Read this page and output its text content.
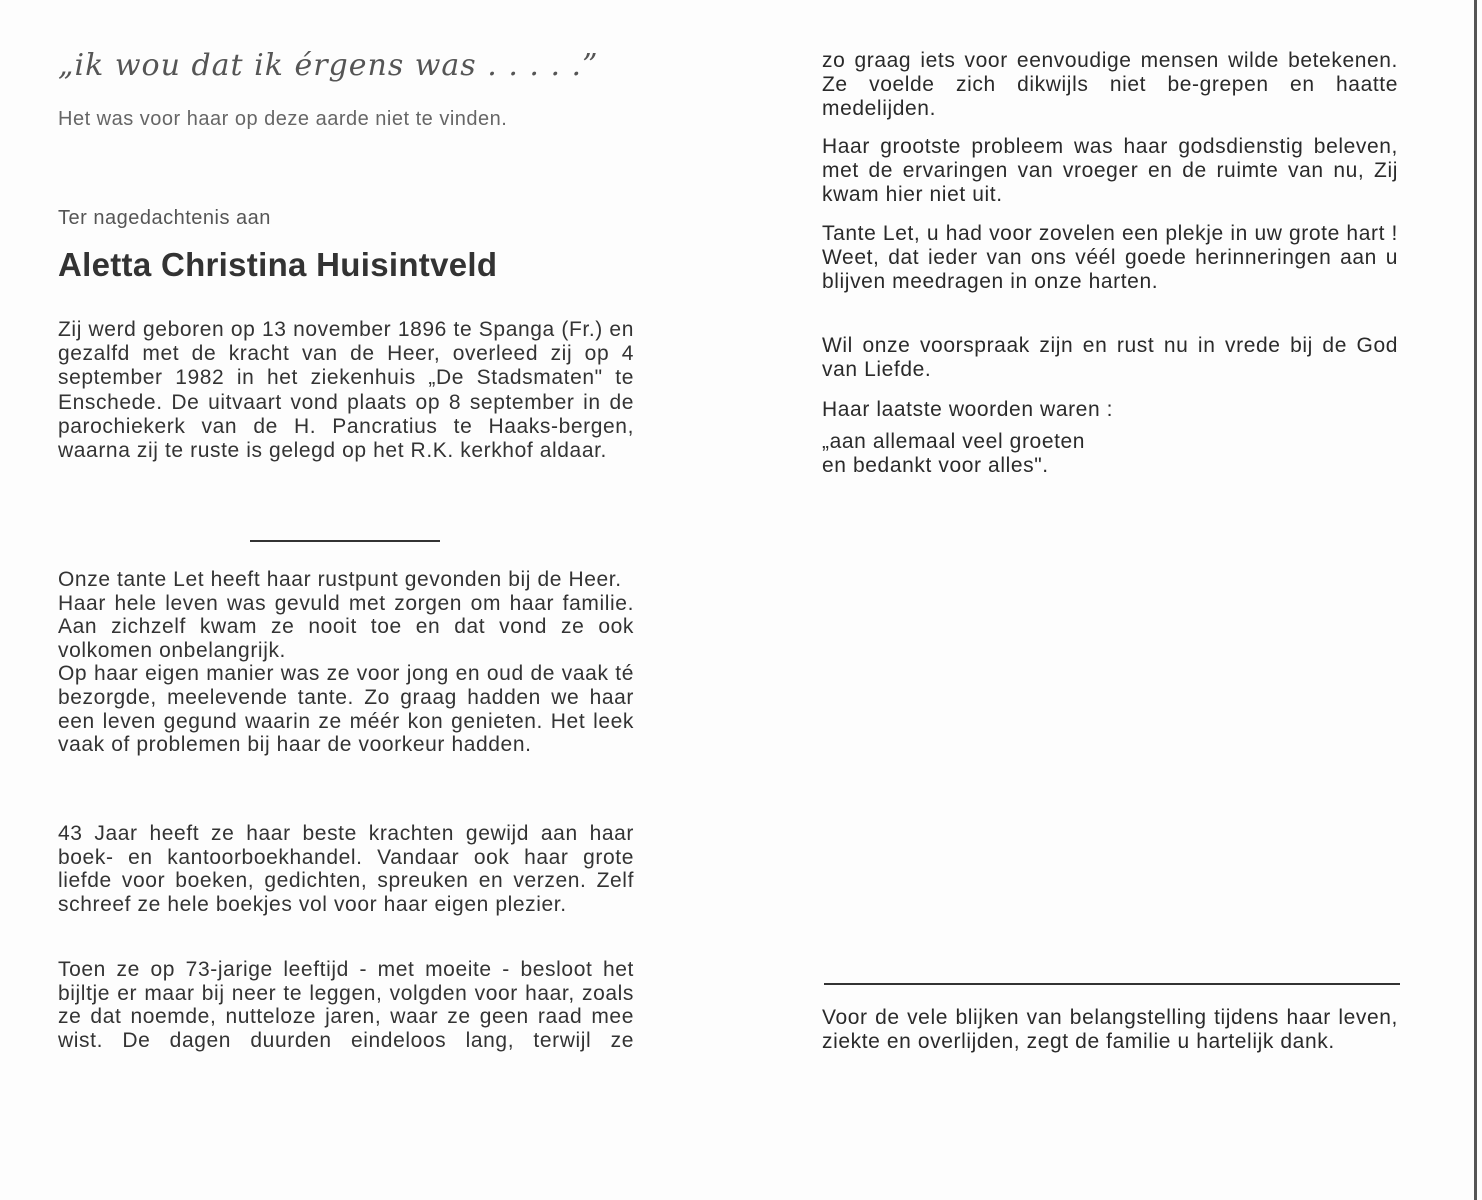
„ik wou dat ik érgens was . . . . .”

Het was voor haar op deze aarde niet te vinden.

Ter nagedachtenis aan
Aletta Christina Huisintveld

Zij werd geboren op 13 november 1896 te Spanga (Fr.) en gezalfd met de kracht van de Heer, overleed zij op 4 september 1982 in het ziekenhuis „De Stadsmaten" te Enschede. De uitvaart vond plaats op 8 september in de parochiekerk van de H. Pancratius te Haaks-bergen, waarna zij te ruste is gelegd op het R.K. kerkhof aldaar.

Onze tante Let heeft haar rustpunt gevonden bij de Heer.
Haar hele leven was gevuld met zorgen om haar familie. Aan zichzelf kwam ze nooit toe en dat vond ze ook volkomen onbelangrijk.
Op haar eigen manier was ze voor jong en oud de vaak té bezorgde, meelevende tante. Zo graag hadden we haar een leven gegund waarin ze méér kon genieten. Het leek vaak of problemen bij haar de voorkeur hadden.

43 Jaar heeft ze haar beste krachten gewijd aan haar boek- en kantoorboekhandel. Vandaar ook haar grote liefde voor boeken, gedichten, spreuken en verzen. Zelf schreef ze hele boekjes vol voor haar eigen plezier.

Toen ze op 73-jarige leeftijd - met moeite - besloot het bijltje er maar bij neer te leggen, volgden voor haar, zoals ze dat noemde, nutteloze jaren, waar ze geen raad mee wist. De dagen duurden eindeloos lang, terwijl ze

zo graag iets voor eenvoudige mensen wilde betekenen. Ze voelde zich dikwijls niet be-grepen en haatte medelijden.

Haar grootste probleem was haar godsdienstig beleven, met de ervaringen van vroeger en de ruimte van nu, Zij kwam hier niet uit.

Tante Let, u had voor zovelen een plekje in uw grote hart ! Weet, dat ieder van ons véél goede herinneringen aan u blijven meedragen in onze harten.

Wil onze voorspraak zijn en rust nu in vrede bij de God van Liefde.

Haar laatste woorden waren :

„aan allemaal veel groeten
en bedankt voor alles".

Voor de vele blijken van belangstelling tijdens haar leven, ziekte en overlijden, zegt de familie u hartelijk dank.
